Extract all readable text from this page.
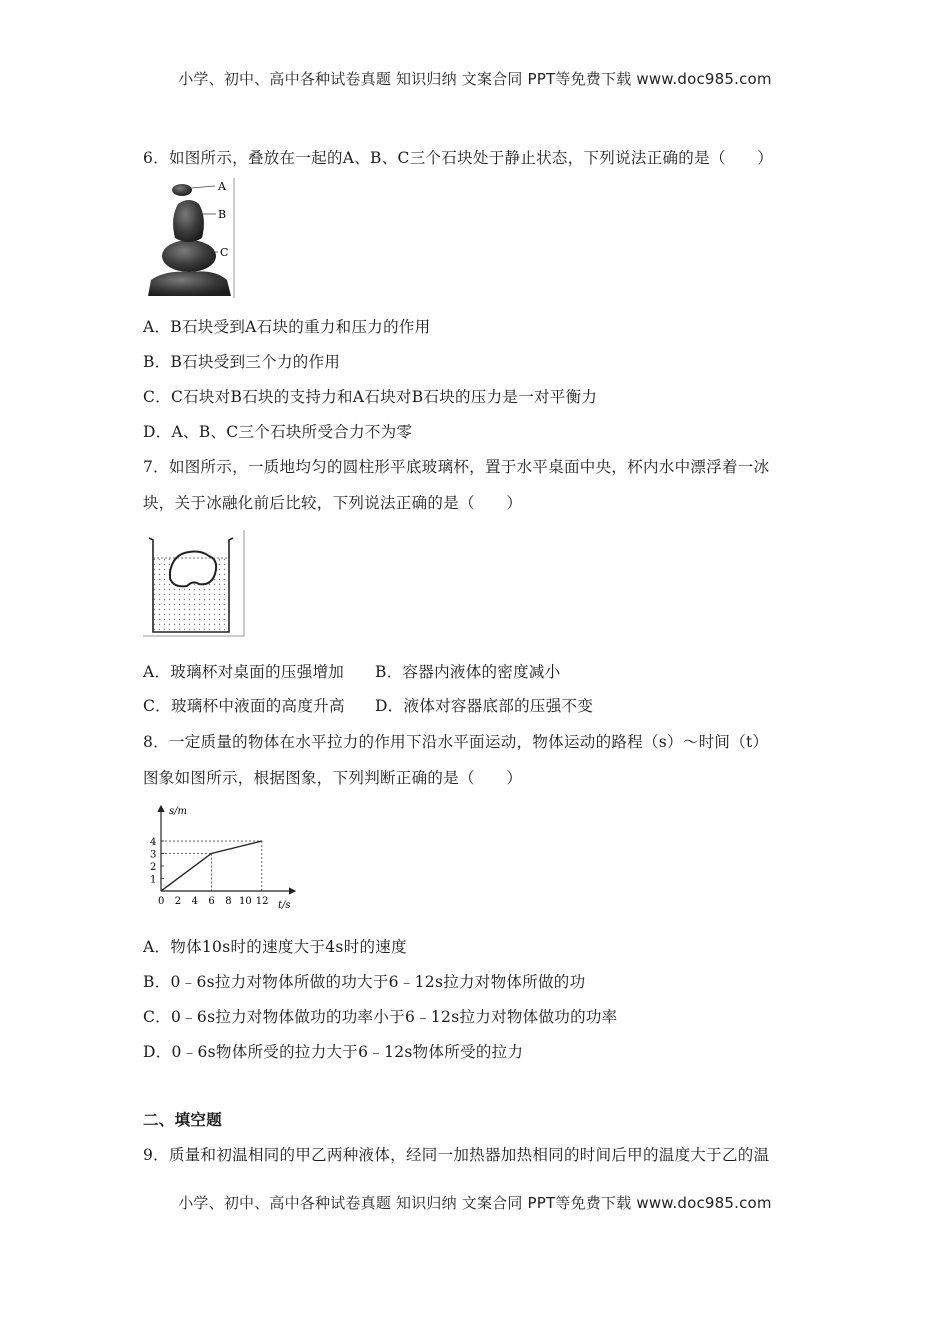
小学、初中、高中各种试卷真题 知识归纳 文案合同 PPT等免费下载 www.doc985.com
6．如图所示，叠放在一起的A、B、C三个石块处于静止状态，下列说法正确的是（　　）
A
B
C
A．B石块受到A石块的重力和压力的作用
B．B石块受到三个力的作用
C．C石块对B石块的支持力和A石块对B石块的压力是一对平衡力
D．A、B、C三个石块所受合力不为零
7．如图所示，一质地均匀的圆柱形平底玻璃杯，置于水平桌面中央，杯内水中漂浮着一冰
块，关于冰融化前后比较，下列说法正确的是（　　）
A．玻璃杯对桌面的压强增加 B．容器内液体的密度减小
C．玻璃杯中液面的高度升高 D．液体对容器底部的压强不变
8．一定质量的物体在水平拉力的作用下沿水平面运动，物体运动的路程（s）～时间（t）
图象如图所示，根据图象，下列判断正确的是（　　）
0 2 4 6 8 10 12
1
2
3
4
s/m
t/s
A．物体10s时的速度大于4s时的速度
B．0﹣6s拉力对物体所做的功大于6﹣12s拉力对物体所做的功
C．0﹣6s拉力对物体做功的功率小于6﹣12s拉力对物体做功的功率
D．0﹣6s物体所受的拉力大于6﹣12s物体所受的拉力
二、填空题
9．质量和初温相同的甲乙两种液体，经同一加热器加热相同的时间后甲的温度大于乙的温
小学、初中、高中各种试卷真题 知识归纳 文案合同 PPT等免费下载 www.doc985.com
